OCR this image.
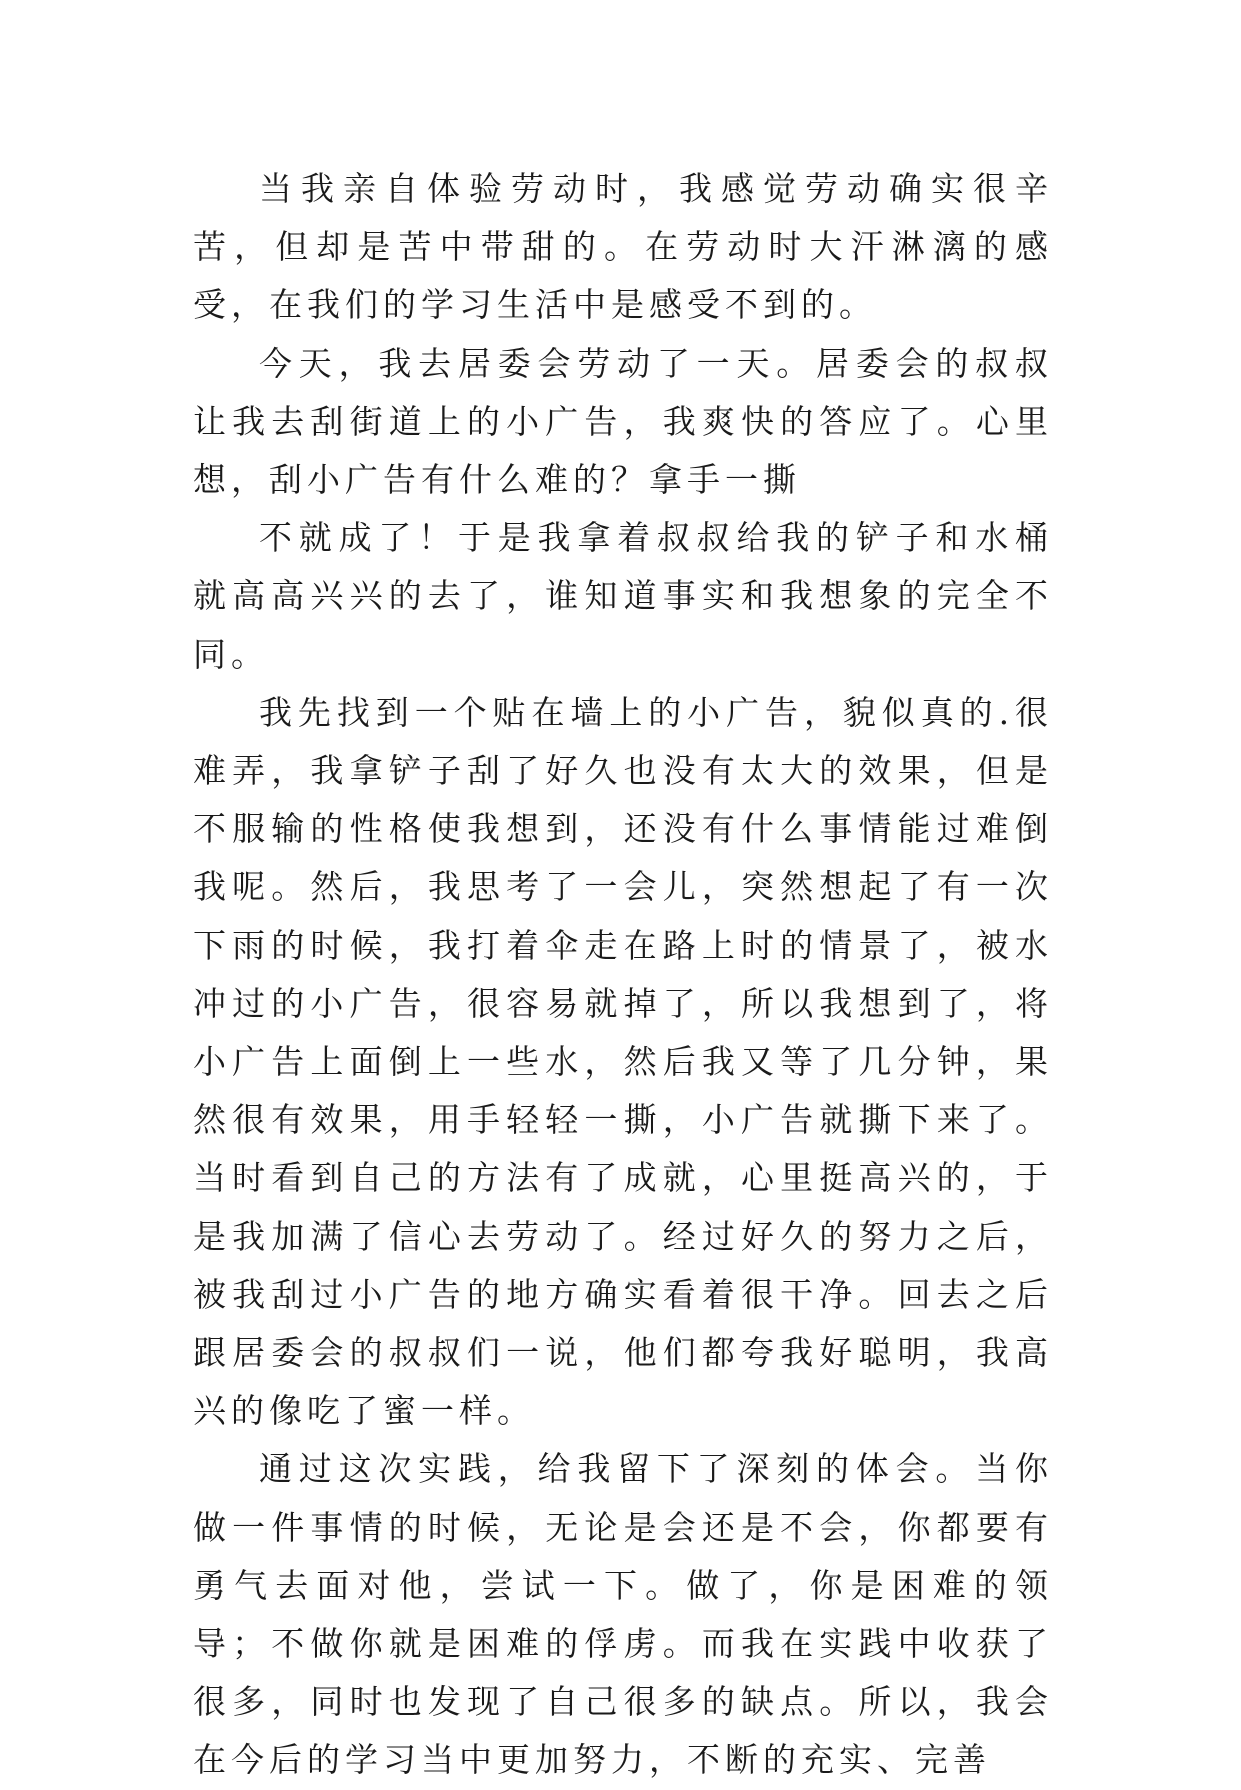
当我亲自体验劳动时，我感觉劳动确实很辛苦，但却是苦中带甜的。在劳动时大汗淋漓的感受，在我们的学习生活中是感受不到的。

今天，我去居委会劳动了一天。居委会的叔叔让我去刮街道上的小广告，我爽快的答应了。心里想，刮小广告有什么难的？拿手一撕

不就成了！于是我拿着叔叔给我的铲子和水桶就高高兴兴的去了，谁知道事实和我想象的完全不同。

我先找到一个贴在墙上的小广告，貌似真的.很难弄，我拿铲子刮了好久也没有太大的效果，但是不服输的性格使我想到，还没有什么事情能过难倒我呢。然后，我思考了一会儿，突然想起了有一次下雨的时候，我打着伞走在路上时的情景了，被水冲过的小广告，很容易就掉了，所以我想到了，将小广告上面倒上一些水，然后我又等了几分钟，果然很有效果，用手轻轻一撕，小广告就撕下来了。当时看到自己的方法有了成就，心里挺高兴的，于是我加满了信心去劳动了。经过好久的努力之后，被我刮过小广告的地方确实看着很干净。回去之后跟居委会的叔叔们一说，他们都夸我好聪明，我高兴的像吃了蜜一样。

通过这次实践，给我留下了深刻的体会。当你做一件事情的时候，无论是会还是不会，你都要有勇气去面对他，尝试一下。做了，你是困难的领导；不做你就是困难的俘虏。而我在实践中收获了很多，同时也发现了自己很多的缺点。所以，我会在今后的学习当中更加努力，不断的充实、完善
